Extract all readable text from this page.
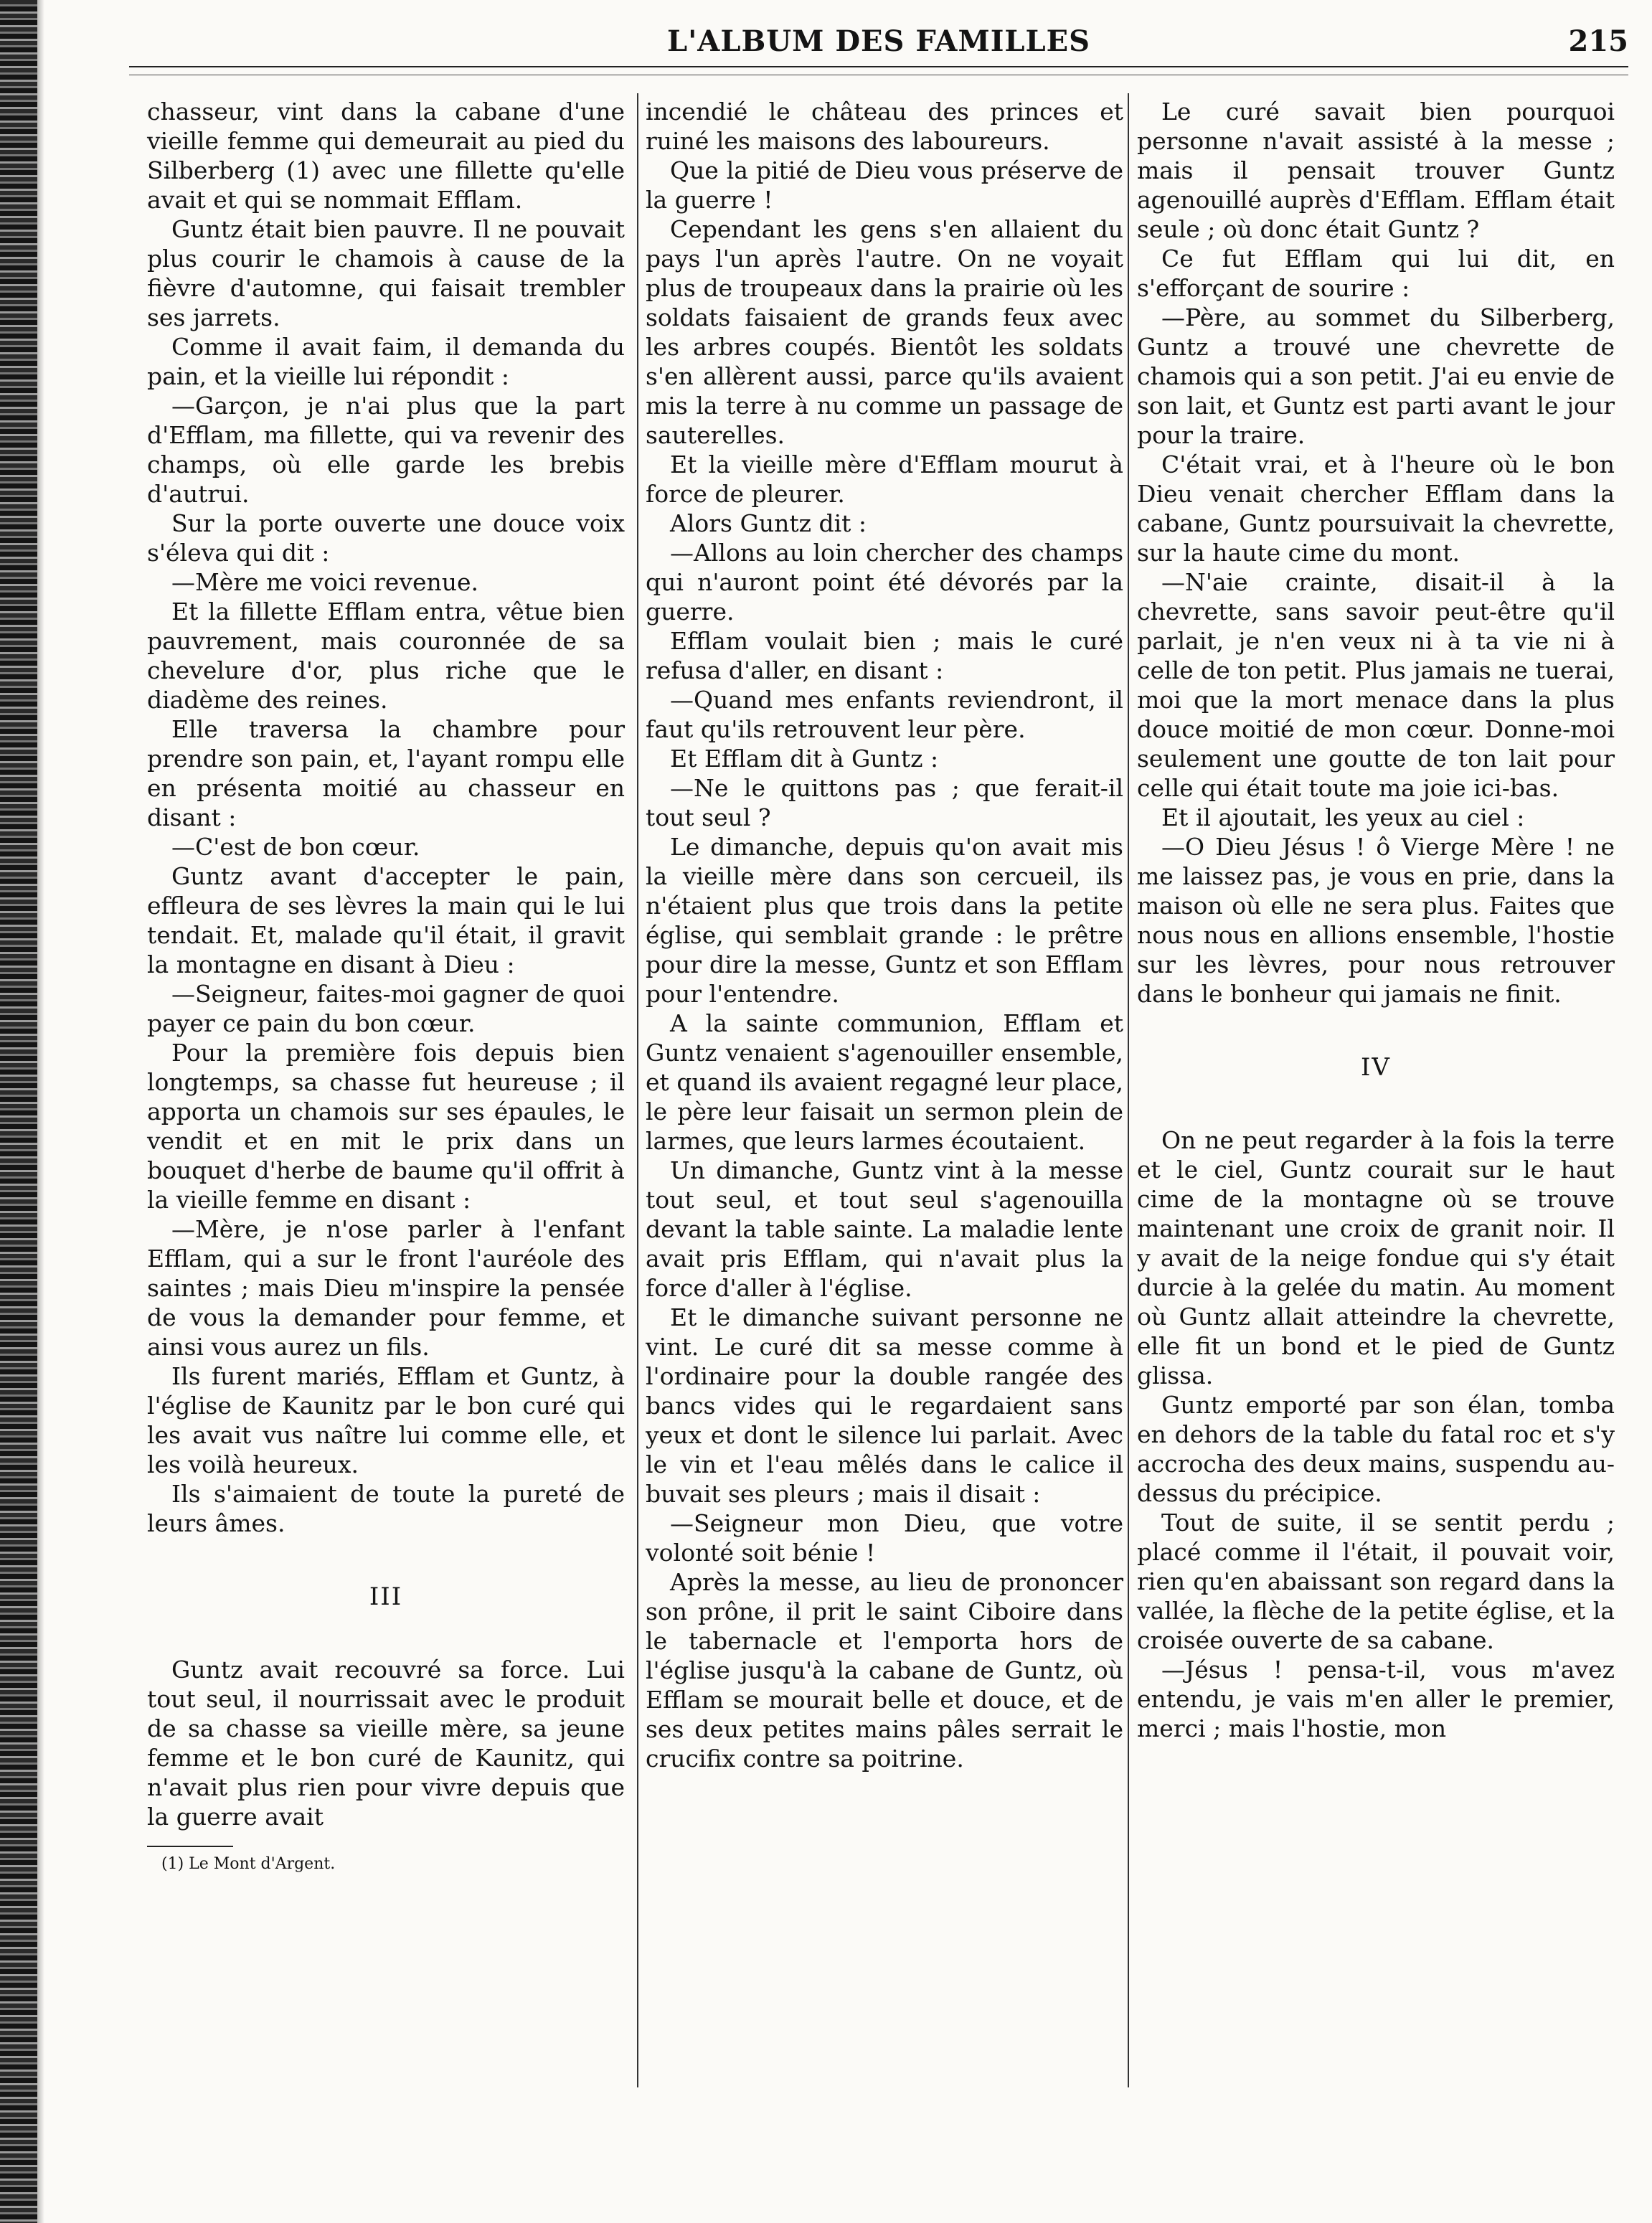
L'ALBUM DES FAMILLES	215

chasseur, vint dans la cabane d'une vieille femme qui demeurait au pied du Silberberg (1) avec une fillette qu'elle avait et qui se nommait Efflam.

Guntz était bien pauvre. Il ne pouvait plus courir le chamois à cause de la fièvre d'automne, qui faisait trembler ses jarrets.

Comme il avait faim, il demanda du pain, et la vieille lui répondit :

—Garçon, je n'ai plus que la part d'Efflam, ma fillette, qui va revenir des champs, où elle garde les brebis d'autrui.

Sur la porte ouverte une douce voix s'éleva qui dit :

—Mère me voici revenue.

Et la fillette Efflam entra, vêtue bien pauvrement, mais couronnée de sa chevelure d'or, plus riche que le diadème des reines.

Elle traversa la chambre pour prendre son pain, et, l'ayant rompu elle en présenta moitié au chasseur en disant :

—C'est de bon cœur.

Guntz avant d'accepter le pain, effleura de ses lèvres la main qui le lui tendait. Et, malade qu'il était, il gravit la montagne en disant à Dieu :

—Seigneur, faites-moi gagner de quoi payer ce pain du bon cœur.

Pour la première fois depuis bien longtemps, sa chasse fut heureuse ; il apporta un chamois sur ses épaules, le vendit et en mit le prix dans un bouquet d'herbe de baume qu'il offrit à la vieille femme en disant :

—Mère, je n'ose parler à l'enfant Efflam, qui a sur le front l'auréole des saintes ; mais Dieu m'inspire la pensée de vous la demander pour femme, et ainsi vous aurez un fils.

Ils furent mariés, Efflam et Guntz, à l'église de Kaunitz par le bon curé qui les avait vus naître lui comme elle, et les voilà heureux.

Ils s'aimaient de toute la pureté de leurs âmes.

III

Guntz avait recouvré sa force. Lui tout seul, il nourrissait avec le produit de sa chasse sa vieille mère, sa jeune femme et le bon curé de Kaunitz, qui n'avait plus rien pour vivre depuis que la guerre avait

(1) Le Mont d'Argent.

incendié le château des princes et ruiné les maisons des laboureurs.

Que la pitié de Dieu vous préserve de la guerre !

Cependant les gens s'en allaient du pays l'un après l'autre. On ne voyait plus de troupeaux dans la prairie où les soldats faisaient de grands feux avec les arbres coupés. Bientôt les soldats s'en allèrent aussi, parce qu'ils avaient mis la terre à nu comme un passage de sauterelles.

Et la vieille mère d'Efflam mourut à force de pleurer.

Alors Guntz dit :

—Allons au loin chercher des champs qui n'auront point été dévorés par la guerre.

Efflam voulait bien ; mais le curé refusa d'aller, en disant :

—Quand mes enfants reviendront, il faut qu'ils retrouvent leur père.

Et Efflam dit à Guntz :

—Ne le quittons pas ; que ferait-il tout seul ?

Le dimanche, depuis qu'on avait mis la vieille mère dans son cercueil, ils n'étaient plus que trois dans la petite église, qui semblait grande : le prêtre pour dire la messe, Guntz et son Efflam pour l'entendre.

A la sainte communion, Efflam et Guntz venaient s'agenouiller ensemble, et quand ils avaient regagné leur place, le père leur faisait un sermon plein de larmes, que leurs larmes écoutaient.

Un dimanche, Guntz vint à la messe tout seul, et tout seul s'agenouilla devant la table sainte. La maladie lente avait pris Efflam, qui n'avait plus la force d'aller à l'église.

Et le dimanche suivant personne ne vint. Le curé dit sa messe comme à l'ordinaire pour la double rangée des bancs vides qui le regardaient sans yeux et dont le silence lui parlait. Avec le vin et l'eau mêlés dans le calice il buvait ses pleurs ; mais il disait :

—Seigneur mon Dieu, que votre volonté soit bénie !

Après la messe, au lieu de prononcer son prône, il prit le saint Ciboire dans le tabernacle et l'emporta hors de l'église jusqu'à la cabane de Guntz, où Efflam se mourait belle et douce, et de ses deux petites mains pâles serrait le crucifix contre sa poitrine.

Le curé savait bien pourquoi personne n'avait assisté à la messe ; mais il pensait trouver Guntz agenouillé auprès d'Efflam. Efflam était seule ; où donc était Guntz ?

Ce fut Efflam qui lui dit, en s'efforçant de sourire :

—Père, au sommet du Silberberg, Guntz a trouvé une chevrette de chamois qui a son petit. J'ai eu envie de son lait, et Guntz est parti avant le jour pour la traire.

C'était vrai, et à l'heure où le bon Dieu venait chercher Efflam dans la cabane, Guntz poursuivait la chevrette, sur la haute cime du mont.

—N'aie crainte, disait-il à la chevrette, sans savoir peut-être qu'il parlait, je n'en veux ni à ta vie ni à celle de ton petit. Plus jamais ne tuerai, moi que la mort menace dans la plus douce moitié de mon cœur. Donne-moi seulement une goutte de ton lait pour celle qui était toute ma joie ici-bas.

Et il ajoutait, les yeux au ciel :

—O Dieu Jésus ! ô Vierge Mère ! ne me laissez pas, je vous en prie, dans la maison où elle ne sera plus. Faites que nous nous en allions ensemble, l'hostie sur les lèvres, pour nous retrouver dans le bonheur qui jamais ne finit.

IV

On ne peut regarder à la fois la terre et le ciel, Guntz courait sur le haut cime de la montagne où se trouve maintenant une croix de granit noir. Il y avait de la neige fondue qui s'y était durcie à la gelée du matin. Au moment où Guntz allait atteindre la chevrette, elle fit un bond et le pied de Guntz glissa.

Guntz emporté par son élan, tomba en dehors de la table du fatal roc et s'y accrocha des deux mains, suspendu au-dessus du précipice.

Tout de suite, il se sentit perdu ; placé comme il l'était, il pouvait voir, rien qu'en abaissant son regard dans la vallée, la flèche de la petite église, et la croisée ouverte de sa cabane.

—Jésus ! pensa-t-il, vous m'avez entendu, je vais m'en aller le premier, merci ; mais l'hostie, mon
